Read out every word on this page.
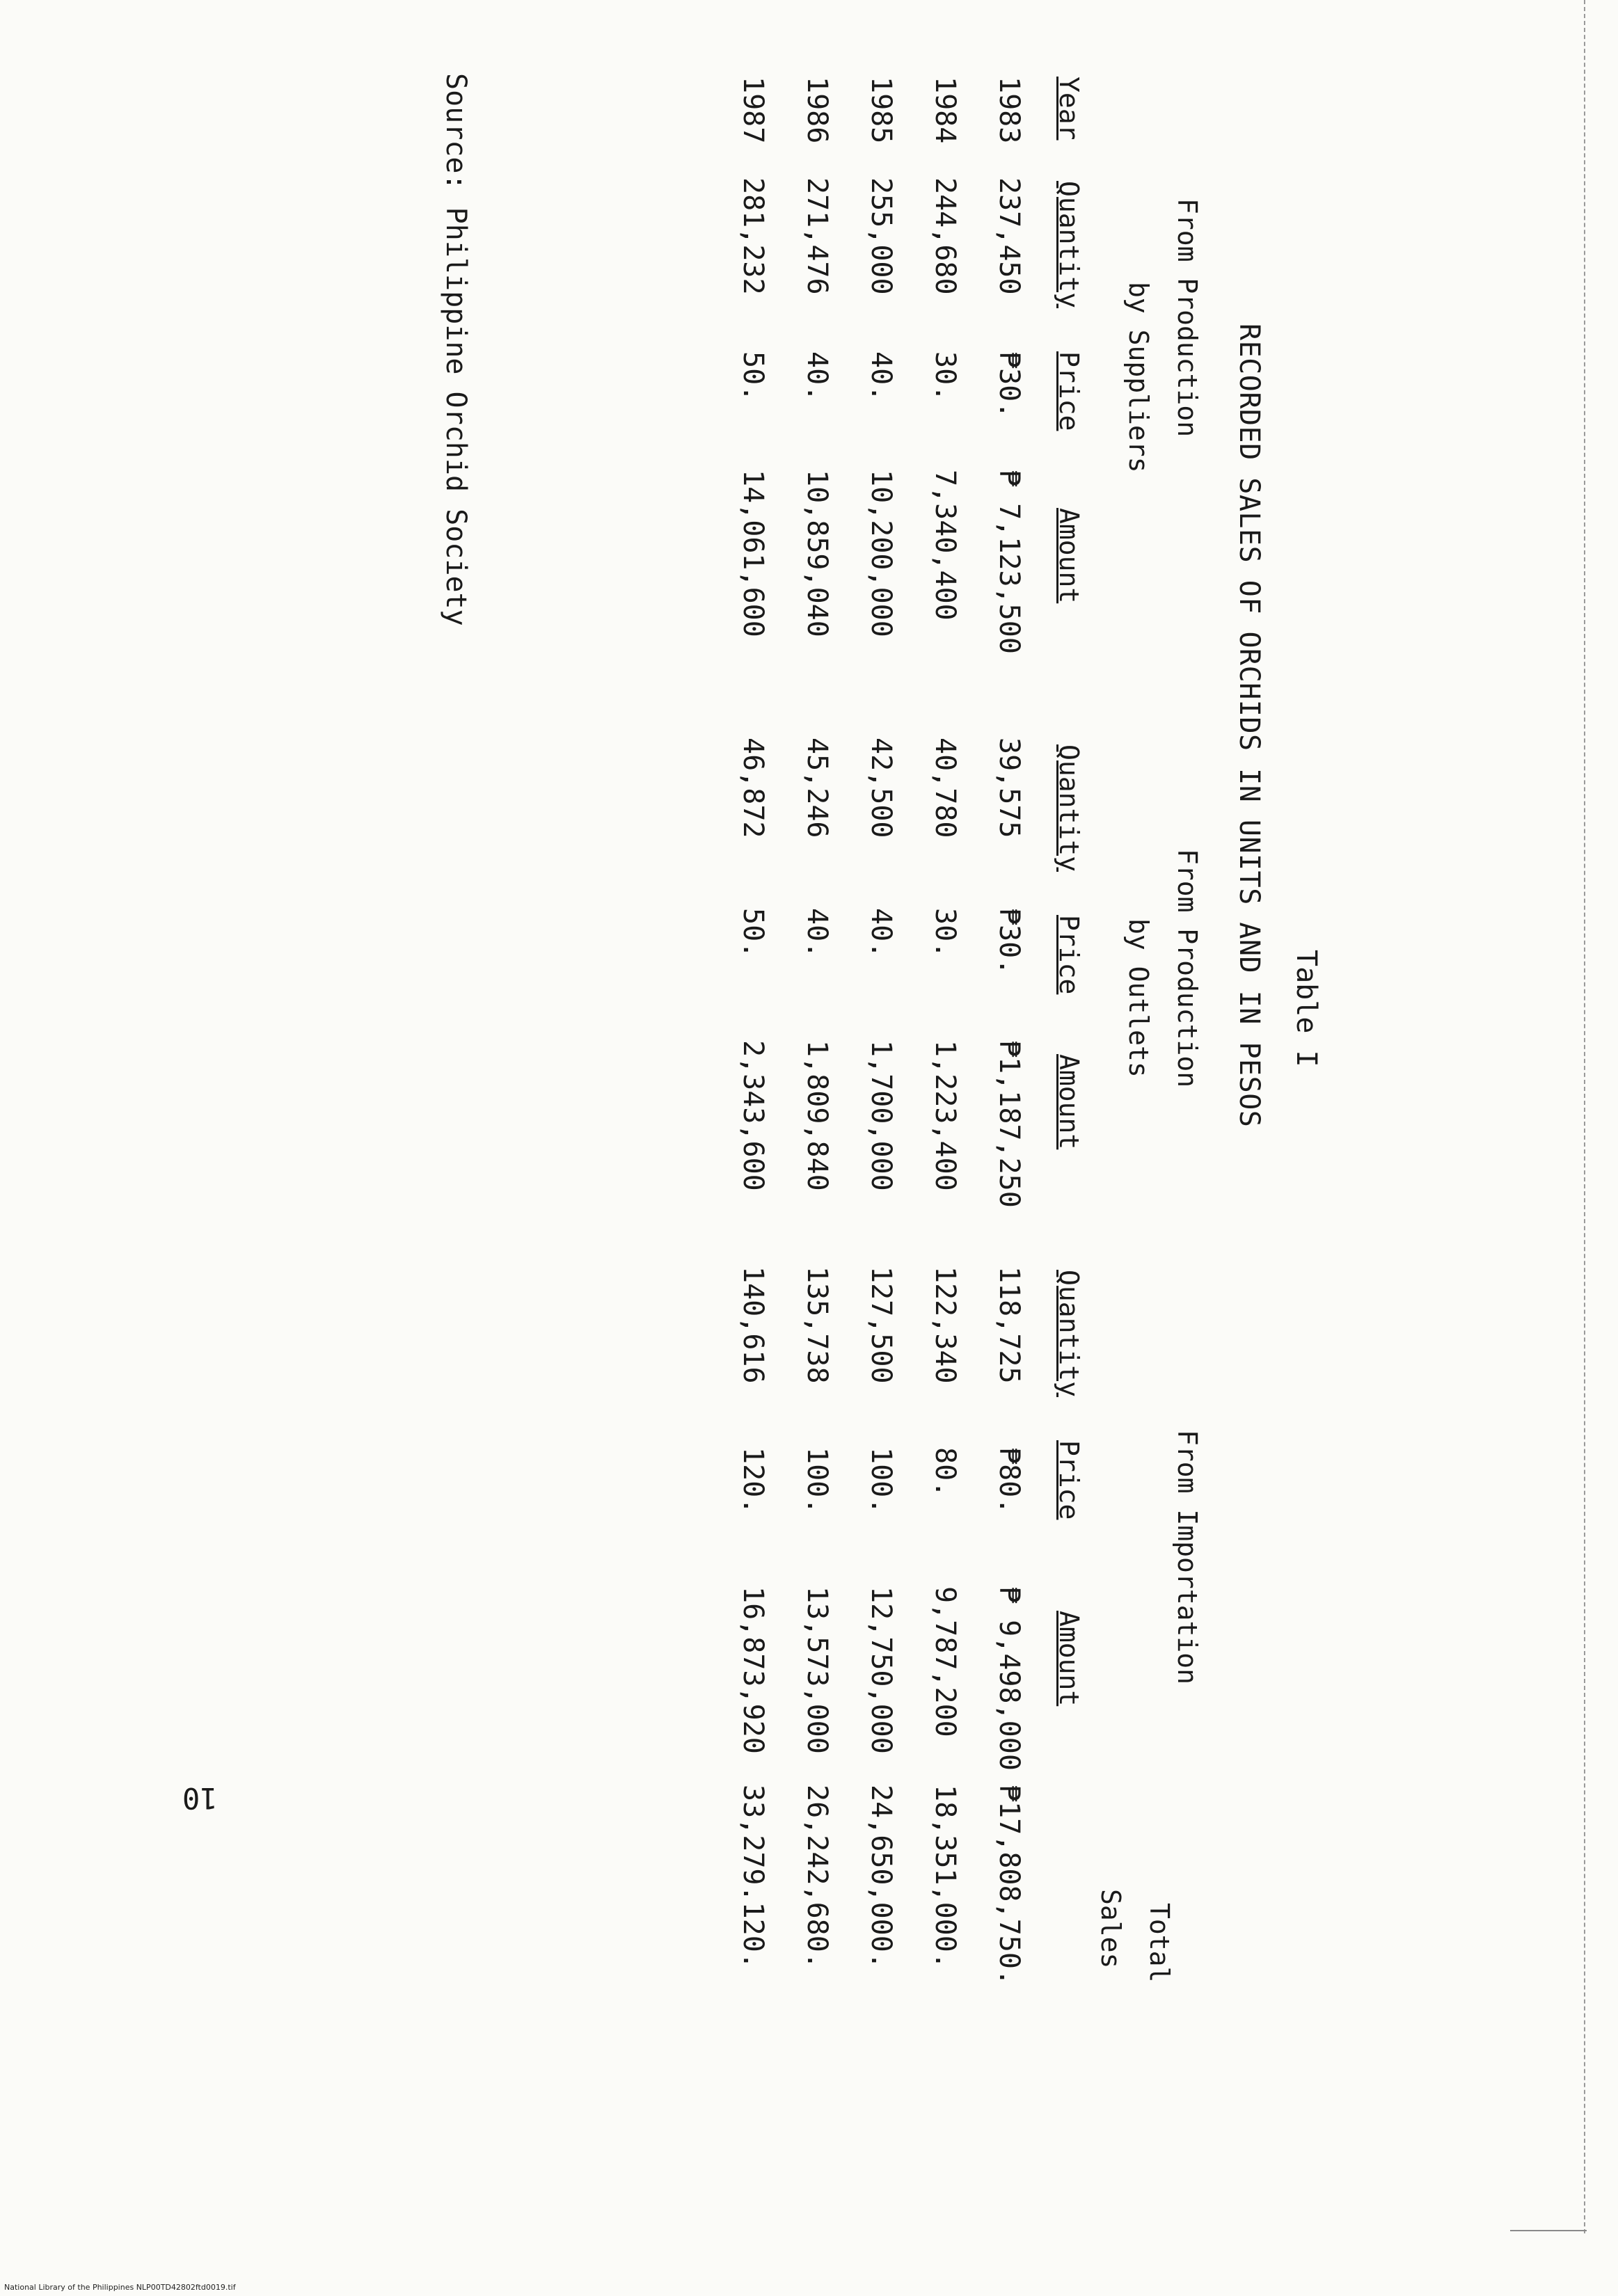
Table I
RECORDED SALES OF ORCHIDS IN UNITS AND IN PESOS
From Production
by Suppliers
From Production
by Outlets
From Importation
Total
Sales
Year
Quantity
Price
Amount
Quantity
Price
Amount
Quantity
Price
Amount
1983
237,450
₱30.
₱ 7,123,500
39,575
₱30.
₱1,187,250
118,725
₱80.
₱ 9,498,000
₱17,808,750.
1984
244,680
30.
7,340,400
40,780
30.
1,223,400
122,340
80.
9,787,200
18,351,000.
1985
255,000
40.
10,200,000
42,500
40.
1,700,000
127,500
100.
12,750,000
24,650,000.
1986
271,476
40.
10,859,040
45,246
40.
1,809,840
135,738
100.
13,573,000
26,242,680.
1987
281,232
50.
14,061,600
46,872
50.
2,343,600
140,616
120.
16,873,920
33,279.120.
Source: Philippine Orchid Society
10
National Library of the Philippines NLP00TD42802ftd0019.tif
